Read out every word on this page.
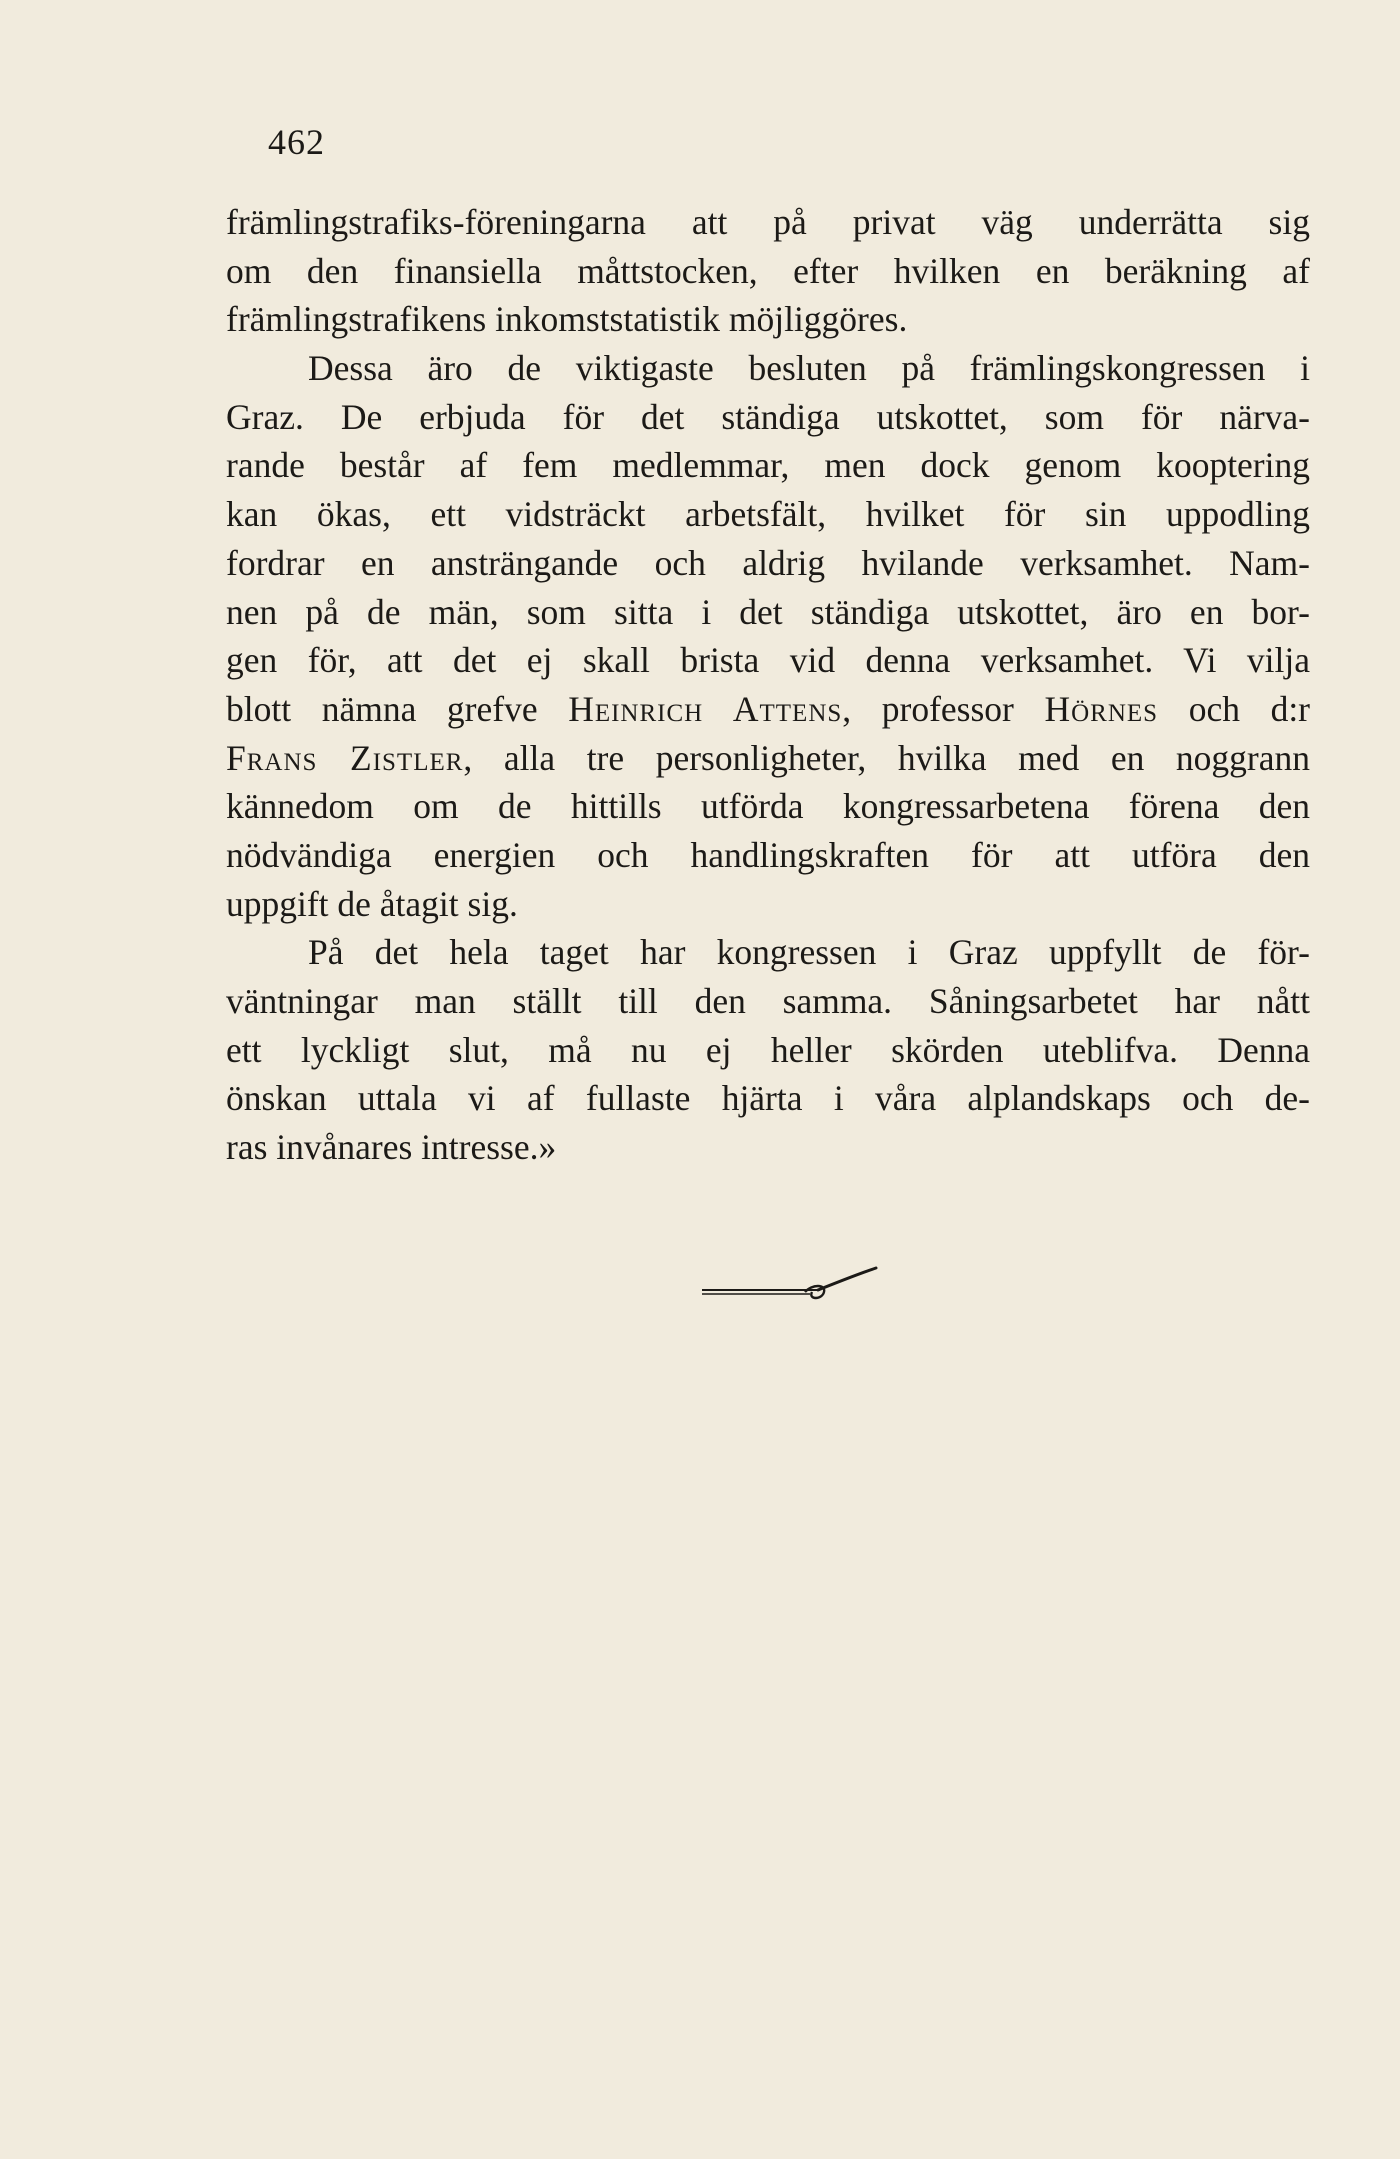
462
främlingstrafiks-föreningarna att på privat väg underrätta sig
om den finansiella måttstocken, efter hvilken en beräkning af
främlingstrafikens inkomststatistik möjliggöres.
Dessa äro de viktigaste besluten på främlingskongressen i
Graz. De erbjuda för det ständiga utskottet, som för närva-
rande består af fem medlemmar, men dock genom kooptering
kan ökas, ett vidsträckt arbetsfält, hvilket för sin uppodling
fordrar en ansträngande och aldrig hvilande verksamhet. Nam-
nen på de män, som sitta i det ständiga utskottet, äro en bor-
gen för, att det ej skall brista vid denna verksamhet. Vi vilja
blott nämna grefve Heinrich Attens, professor Hörnes och d:r
Frans Zistler, alla tre personligheter, hvilka med en noggrann
kännedom om de hittills utförda kongressarbetena förena den
nödvändiga energien och handlingskraften för att utföra den
uppgift de åtagit sig.
På det hela taget har kongressen i Graz uppfyllt de för-
väntningar man ställt till den samma. Såningsarbetet har nått
ett lyckligt slut, må nu ej heller skörden uteblifva. Denna
önskan uttala vi af fullaste hjärta i våra alplandskaps och de-
ras invånares intresse.»
